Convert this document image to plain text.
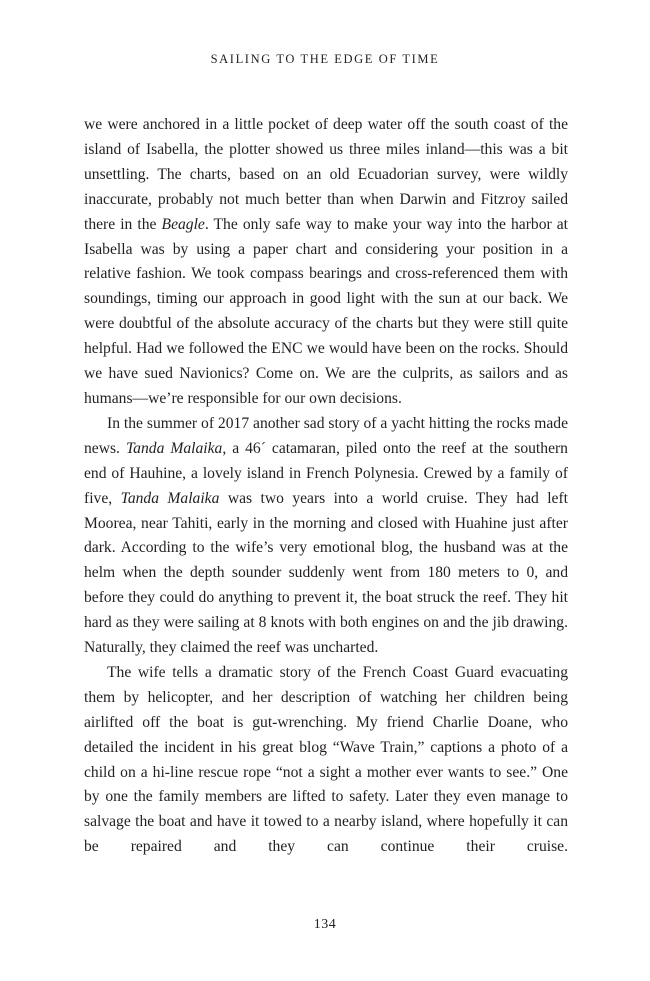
SAILING TO THE EDGE OF TIME

we were anchored in a little pocket of deep water off the south coast of the island of Isabella, the plotter showed us three miles inland—this was a bit unsettling. The charts, based on an old Ecuadorian survey, were wildly inaccurate, probably not much better than when Darwin and Fitzroy sailed there in the Beagle. The only safe way to make your way into the harbor at Isabella was by using a paper chart and considering your position in a relative fashion. We took compass bearings and cross-referenced them with soundings, timing our approach in good light with the sun at our back. We were doubtful of the absolute accuracy of the charts but they were still quite helpful. Had we followed the ENC we would have been on the rocks. Should we have sued Navionics? Come on. We are the culprits, as sailors and as humans—we’re responsible for our own decisions.

In the summer of 2017 another sad story of a yacht hitting the rocks made news. Tanda Malaika, a 46´ catamaran, piled onto the reef at the southern end of Hauhine, a lovely island in French Polynesia. Crewed by a family of five, Tanda Malaika was two years into a world cruise. They had left Moorea, near Tahiti, early in the morning and closed with Huahine just after dark. According to the wife’s very emotional blog, the husband was at the helm when the depth sounder suddenly went from 180 meters to 0, and before they could do anything to prevent it, the boat struck the reef. They hit hard as they were sailing at 8 knots with both engines on and the jib drawing. Naturally, they claimed the reef was uncharted.

The wife tells a dramatic story of the French Coast Guard evacuating them by helicopter, and her description of watching her children being airlifted off the boat is gut-wrenching. My friend Charlie Doane, who detailed the incident in his great blog “Wave Train,” captions a photo of a child on a hi-line rescue rope “not a sight a mother ever wants to see.” One by one the family members are lifted to safety. Later they even manage to salvage the boat and have it towed to a nearby island, where hopefully it can be repaired and they can continue their cruise.

134
